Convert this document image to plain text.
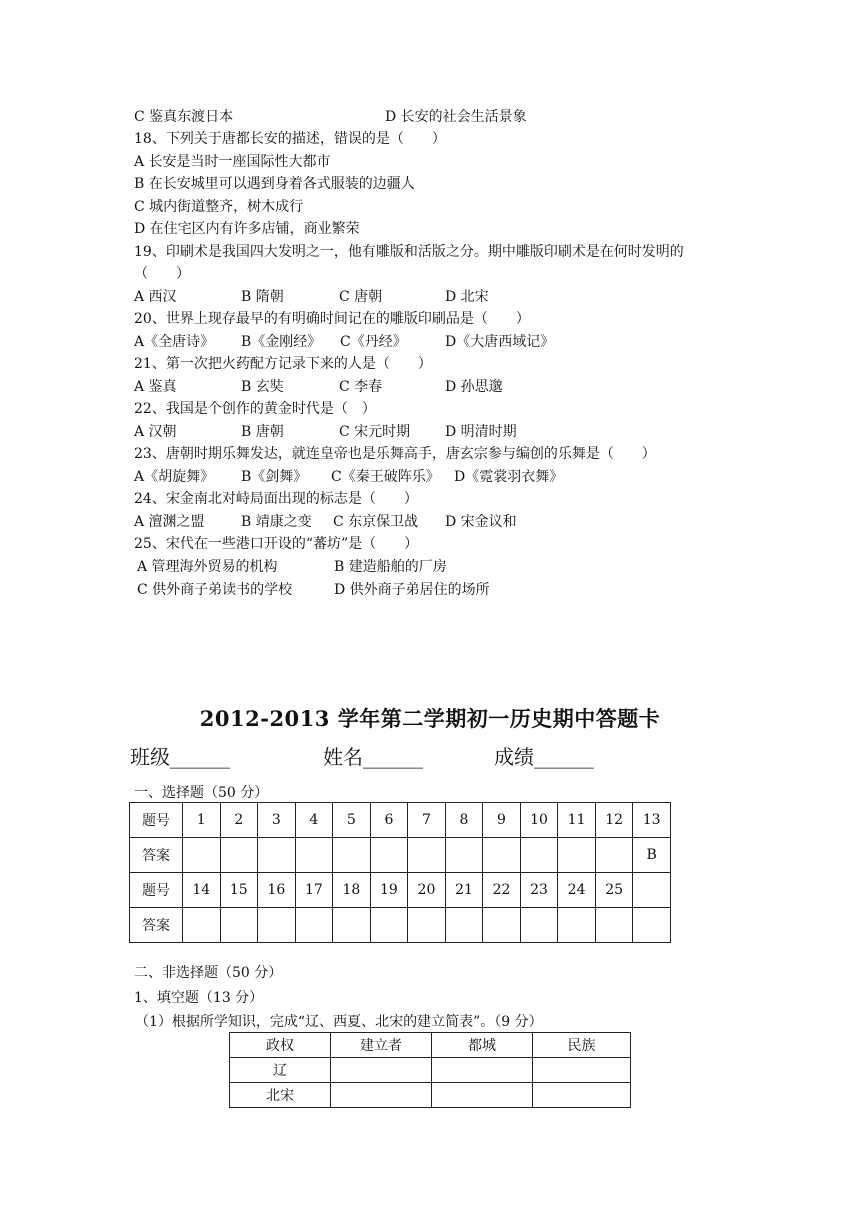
C 鉴真东渡日本	D 长安的社会生活景象
18、下列关于唐都长安的描述，错误的是（　　）
A 长安是当时一座国际性大都市
B 在长安城里可以遇到身着各式服装的边疆人
C 城内街道整齐，树木成行
D 在住宅区内有许多店铺，商业繁荣
19、印刷术是我国四大发明之一，他有雕版和活版之分。期中雕版印刷术是在何时发明的
（　　）
A 西汉	B 隋朝	C 唐朝	D 北宋
20、世界上现存最早的有明确时间记在的雕版印刷品是（　　）
A《全唐诗》 B《金刚经》 C《丹经》	D《大唐西域记》
21、第一次把火药配方记录下来的人是（　　）
A 鉴真	B 玄奘	C 李春	D 孙思邈
22、我国是个创作的黄金时代是（　）
A 汉朝	B 唐朝	C 宋元时期 D 明清时期
23、唐朝时期乐舞发达，就连皇帝也是乐舞高手，唐玄宗参与编创的乐舞是（　　）
A《胡旋舞》 B《剑舞》 C《秦王破阵乐》 D《霓裳羽衣舞》
24、宋金南北对峙局面出现的标志是（　　）
A 澶渊之盟	B 靖康之变 C 东京保卫战 D 宋金议和
25、宋代在一些港口开设的“蕃坊”是（　　）
A 管理海外贸易的机构	B 建造船舶的厂房
C 供外商子弟读书的学校	D 供外商子弟居住的场所
2012-2013 学年第二学期初一历史期中答题卡
班级______	姓名______	成绩______
一、选择题（50 分）
题号	1	2	3	4	5	6	7	8	9	10	11	12	13
答案													B
题号	14	15	16	17	18	19	20	21	22	23	24	25	
答案													
二、非选择题（50 分）
1、填空题（13 分）
（1）根据所学知识，完成“辽、西夏、北宋的建立简表”。（9 分）
政权	建立者	都城	民族
辽			
北宋			
